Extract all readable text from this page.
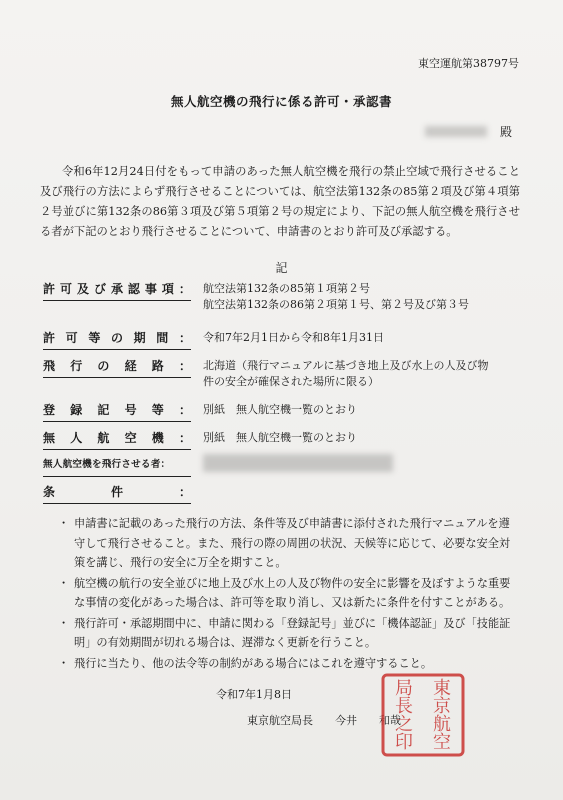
東空運航第38797号
無人航空機の飛行に係る許可・承認書
殿
令和6年12月24日付をもって申請のあった無人航空機を飛行の禁止空域で飛行させること及び飛行の方法によらず飛行させることについては、航空法第132条の85第２項及び第４項第２号並びに第132条の86第３項及び第５項第２号の規定により、下記の無人航空機を飛行させる者が下記のとおり飛行させることについて、申請書のとおり許可及び承認する。
記
許 可 及 び 承 認 事 項 ： 航空法第132条の85第１項第２号
航空法第132条の86第２項第１号、第２号及び第３号
許 可 等 の 期 間 ： 令和7年2月1日から令和8年1月31日
飛 行 の 経 路 ： 北海道（飛行マニュアルに基づき地上及び水上の人及び物
件の安全が確保された場所に限る）
登 録 記 号 等 ： 別紙　無人航空機一覧のとおり
無 人 航 空 機 ： 別紙　無人航空機一覧のとおり
無人航空機を飛行させる者：
条	件	：
・ 申請書に記載のあった飛行の方法、条件等及び申請書に添付された飛行マニュアルを遵守して飛行させること。また、飛行の際の周囲の状況、天候等に応じて、必要な安全対策を講じ、飛行の安全に万全を期すこと。
・ 航空機の航行の安全並びに地上及び水上の人及び物件の安全に影響を及ぼすような重要な事情の変化があった場合は、許可等を取り消し、又は新たに条件を付すことがある。
・ 飛行許可・承認期間中に、申請に関わる「登録記号」並びに「機体認証」及び「技能証明」の有効期間が切れる場合は、遅滞なく更新を行うこと。
・ 飛行に当たり、他の法令等の制約がある場合にはこれを遵守すること。
令和7年1月8日
東京航空局長　　今井　　和哉
東
京
航
空
局
長
之
印
